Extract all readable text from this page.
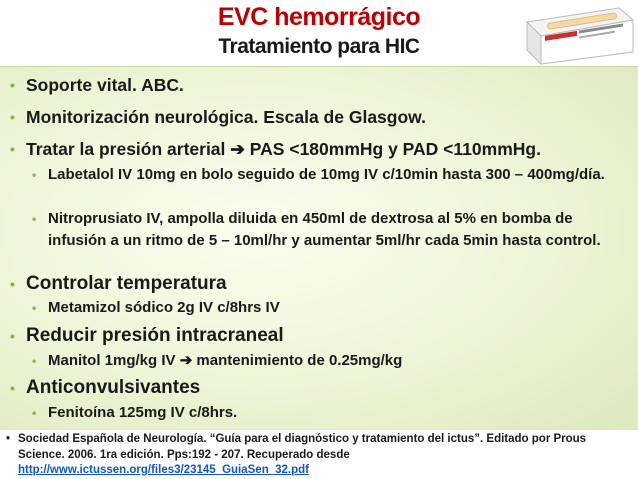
EVC hemorrágico
Tratamiento para HIC
• Soporte vital. ABC.
• Monitorización neurológica. Escala de Glasgow.
• Tratar la presión arterial ➔ PAS <180mmHg y PAD <110mmHg.
• Labetalol IV 10mg en bolo seguido de 10mg IV c/10min hasta 300 – 400mg/día.
• Nitroprusiato IV, ampolla diluida en 450ml de dextrosa al 5% en bomba de infusión a un ritmo de 5 – 10ml/hr y aumentar 5ml/hr cada 5min hasta control.
• Controlar temperatura
• Metamizol sódico 2g IV c/8hrs IV
• Reducir presión intracraneal
• Manitol 1mg/kg IV ➔ mantenimiento de 0.25mg/kg
• Anticonvulsivantes
• Fenitoína 125mg IV c/8hrs.
• Sociedad Española de Neurología. “Guía para el diagnóstico y tratamiento del ictus”. Editado por Prous Science. 2006. 1ra edición. Pps:192 - 207. Recuperado desde
http://www.ictussen.org/files3/23145_GuiaSen_32.pdf
